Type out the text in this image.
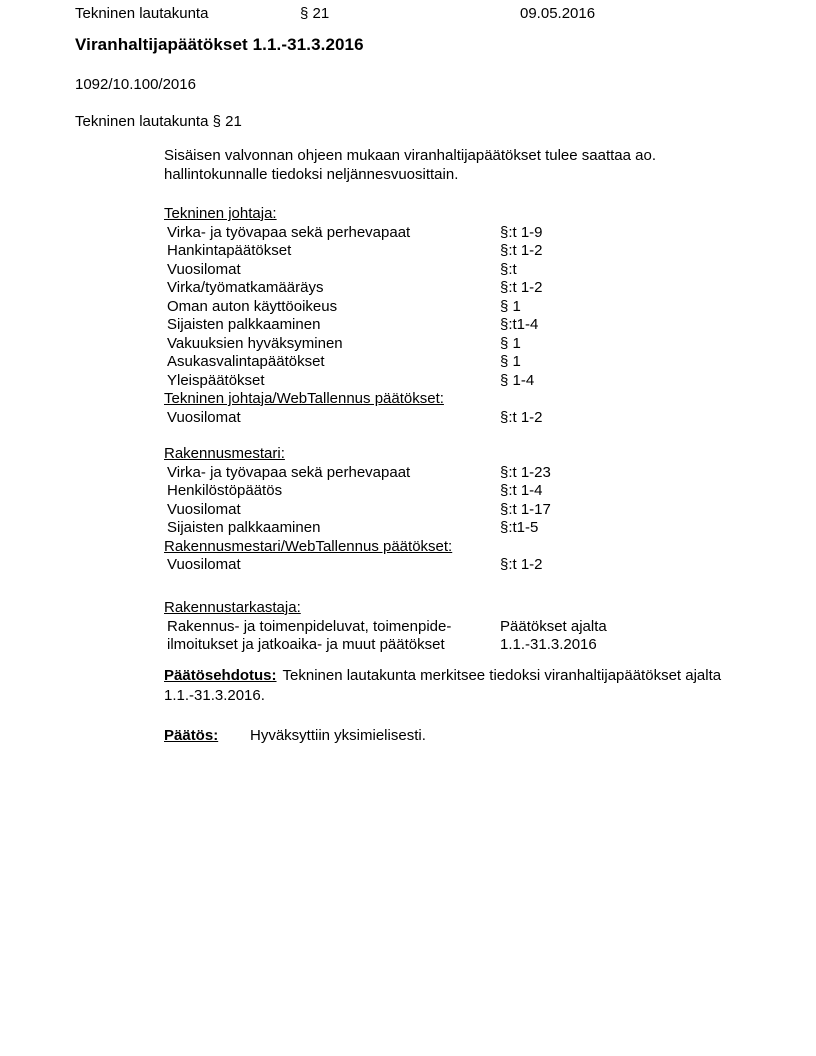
Tekninen lautakunta	§ 21	09.05.2016
Viranhaltijapäätökset 1.1.-31.3.2016
1092/10.100/2016
Tekninen lautakunta § 21
Sisäisen valvonnan ohjeen mukaan viranhaltijapäätökset tulee saattaa ao. hallintokunnalle tiedoksi neljännesvuosittain.
Tekninen johtaja:
Virka- ja työvapaa sekä perhevapaat	§:t 1-9
Hankintapäätökset	§:t 1-2
Vuosilomat	§:t
Virka/työmatkamääräys	§:t 1-2
Oman auton käyttöoikeus	§ 1
Sijaisten palkkaaminen	§:t1-4
Vakuuksien hyväksyminen	§ 1
Asukasvalintapäätökset	§ 1
Yleispäätökset	§ 1-4
Tekninen johtaja/WebTallennus päätökset:
Vuosilomat	§:t 1-2
Rakennusmestari:
Virka- ja työvapaa sekä perhevapaat	§:t 1-23
Henkilöstöpäätös	§:t 1-4
Vuosilomat	§:t 1-17
Sijaisten palkkaaminen	§:t1-5
Rakennusmestari/WebTallennus päätökset:
Vuosilomat	§:t 1-2
Rakennustarkastaja:
Rakennus- ja toimenpideluvat, toimenpide-	Päätökset ajalta
ilmoitukset ja jatkoaika- ja muut päätökset	1.1.-31.3.2016
Päätösehdotus: Tekninen lautakunta merkitsee tiedoksi viranhaltijapäätökset ajalta 1.1.-31.3.2016.
Päätös: Hyväksyttiin yksimielisesti.
